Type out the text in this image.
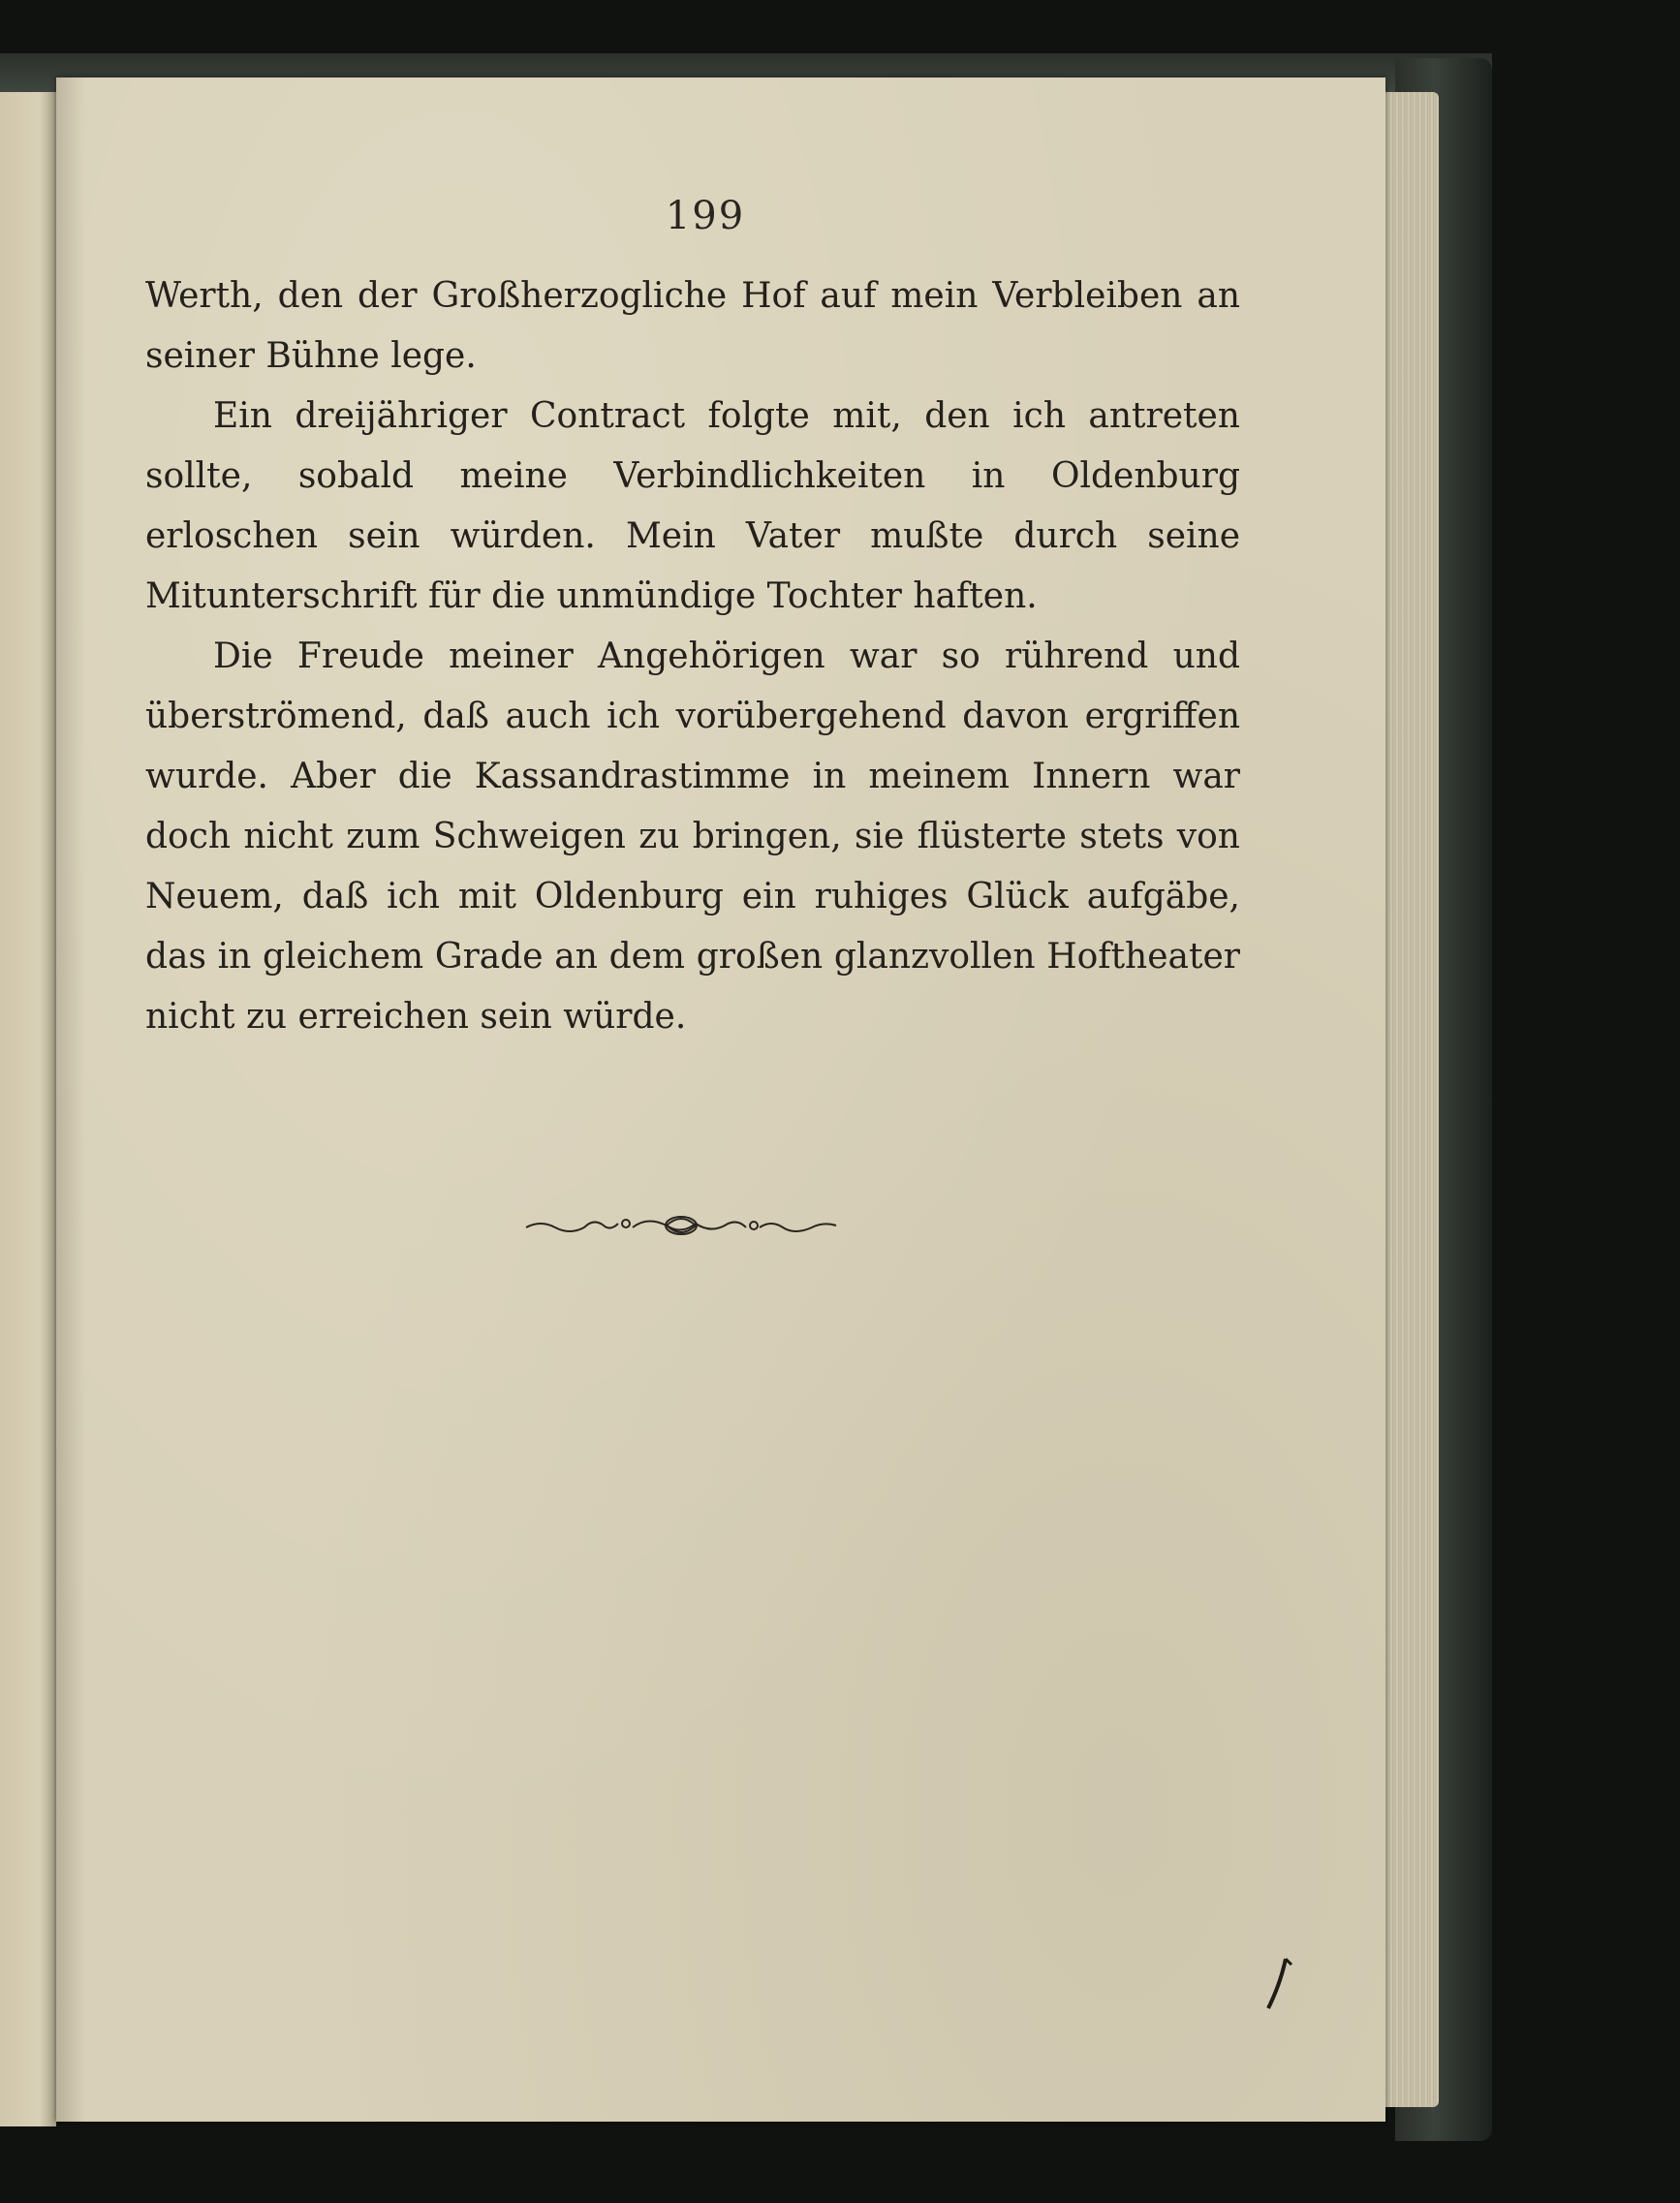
199

Werth, den der Großherzogliche Hof auf mein Verbleiben an seiner Bühne lege.

Ein dreijähriger Contract folgte mit, den ich antreten sollte, sobald meine Verbindlichkeiten in Oldenburg erloschen sein würden. Mein Vater mußte durch seine Mitunterschrift für die unmündige Tochter haften.

Die Freude meiner Angehörigen war so rührend und überströmend, daß auch ich vorübergehend davon ergriffen wurde. Aber die Kassandrastimme in meinem Innern war doch nicht zum Schweigen zu bringen, sie flüsterte stets von Neuem, daß ich mit Oldenburg ein ruhiges Glück aufgäbe, das in gleichem Grade an dem großen glanzvollen Hoftheater nicht zu erreichen sein würde.
